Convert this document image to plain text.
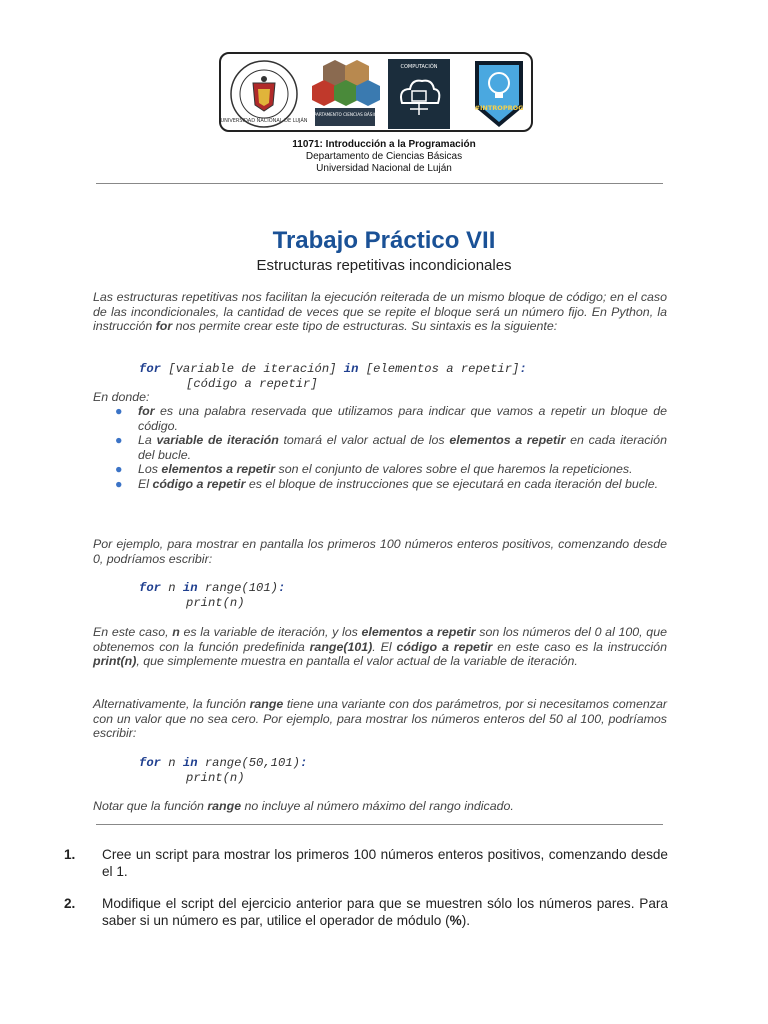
UNIVERSIDAD NACIONAL DE LUJÁN
DEPARTAMENTO CIENCIAS BÁSICAS
COMPUTACIÓN
#INTROPROG
11071: Introducción a la Programación
Departamento de Ciencias Básicas
Universidad Nacional de Luján
Trabajo Práctico VII
Estructuras repetitivas incondicionales
Las estructuras repetitivas nos facilitan la ejecución reiterada de un mismo bloque de código; en el caso de las incondicionales, la cantidad de veces que se repite el bloque será un número fijo. En Python, la instrucción for nos permite crear este tipo de estructuras. Su sintaxis es la siguiente:
for [variable de iteración] in [elementos a repetir]:
[código a repetir]
En donde:
● for es una palabra reservada que utilizamos para indicar que vamos a repetir un bloque de código.
● La variable de iteración tomará el valor actual de los elementos a repetir en cada iteración del bucle.
● Los elementos a repetir son el conjunto de valores sobre el que haremos la repeticiones.
● El código a repetir es el bloque de instrucciones que se ejecutará en cada iteración del bucle.
Por ejemplo, para mostrar en pantalla los primeros 100 números enteros positivos, comenzando desde 0, podríamos escribir:
for n in range(101):
print(n)
En este caso, n es la variable de iteración, y los elementos a repetir son los números del 0 al 100, que obtenemos con la función predefinida range(101). El código a repetir en este caso es la instrucción print(n), que simplemente muestra en pantalla el valor actual de la variable de iteración.
Alternativamente, la función range tiene una variante con dos parámetros, por si necesitamos comenzar con un valor que no sea cero. Por ejemplo, para mostrar los números enteros del 50 al 100, podríamos escribir:
for n in range(50,101):
print(n)
Notar que la función range no incluye al número máximo del rango indicado.
1. Cree un script para mostrar los primeros 100 números enteros positivos, comenzando desde el 1.
2. Modifique el script del ejercicio anterior para que se muestren sólo los números pares. Para saber si un número es par, utilice el operador de módulo (%).
